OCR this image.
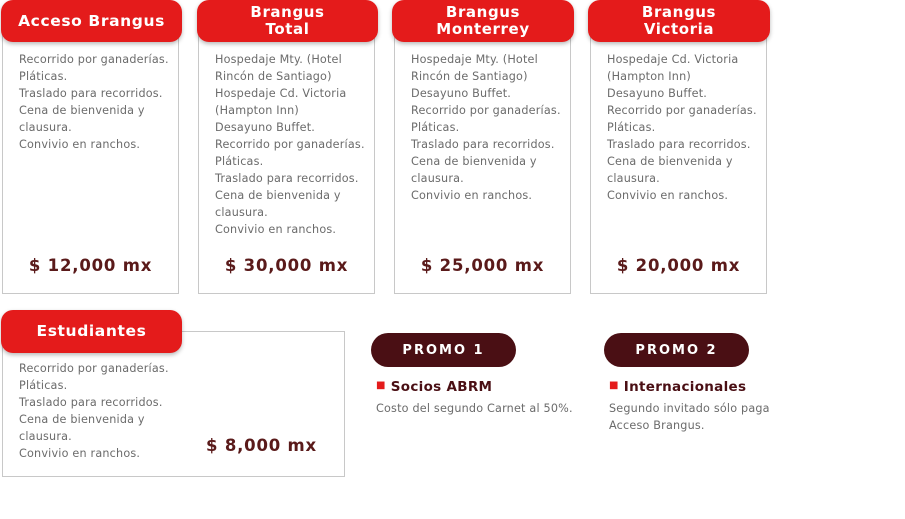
Recorrido por ganaderías.
Pláticas.
Traslado para recorridos.
Cena de bienvenida y
clausura.
Convivio en ranchos.
$ 12,000 mx
Acceso Brangus
Hospedaje Mty. (Hotel
Rincón de Santiago)
Hospedaje Cd. Victoria
(Hampton Inn)
Desayuno Buffet.
Recorrido por ganaderías.
Pláticas.
Traslado para recorridos.
Cena de bienvenida y
clausura.
Convivio en ranchos.
$ 30,000 mx
Brangus
Total
Hospedaje Mty. (Hotel
Rincón de Santiago)
Desayuno Buffet.
Recorrido por ganaderías.
Pláticas.
Traslado para recorridos.
Cena de bienvenida y
clausura.
Convivio en ranchos.
$ 25,000 mx
Brangus
Monterrey
Hospedaje Cd. Victoria
(Hampton Inn)
Desayuno Buffet.
Recorrido por ganaderías.
Pláticas.
Traslado para recorridos.
Cena de bienvenida y
clausura.
Convivio en ranchos.
$ 20,000 mx
Brangus
Victoria
Recorrido por ganaderías.
Pláticas.
Traslado para recorridos.
Cena de bienvenida y
clausura.
Convivio en ranchos.	$ 8,000 mx
Estudiantes
PROMO 1
■ Socios ABRM
Costo del segundo Carnet al 50%.
PROMO 2
■ Internacionales
Segundo invitado sólo paga
Acceso Brangus.
